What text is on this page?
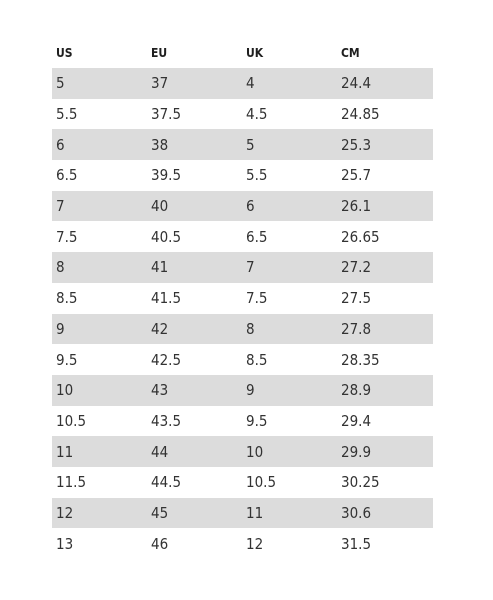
US	EU	UK	CM
5	37	4	24.4
5.5	37.5	4.5	24.85
6	38	5	25.3
6.5	39.5	5.5	25.7
7	40	6	26.1
7.5	40.5	6.5	26.65
8	41	7	27.2
8.5	41.5	7.5	27.5
9	42	8	27.8
9.5	42.5	8.5	28.35
10	43	9	28.9
10.5	43.5	9.5	29.4
11	44	10	29.9
11.5	44.5	10.5	30.25
12	45	11	30.6
13	46	12	31.5
